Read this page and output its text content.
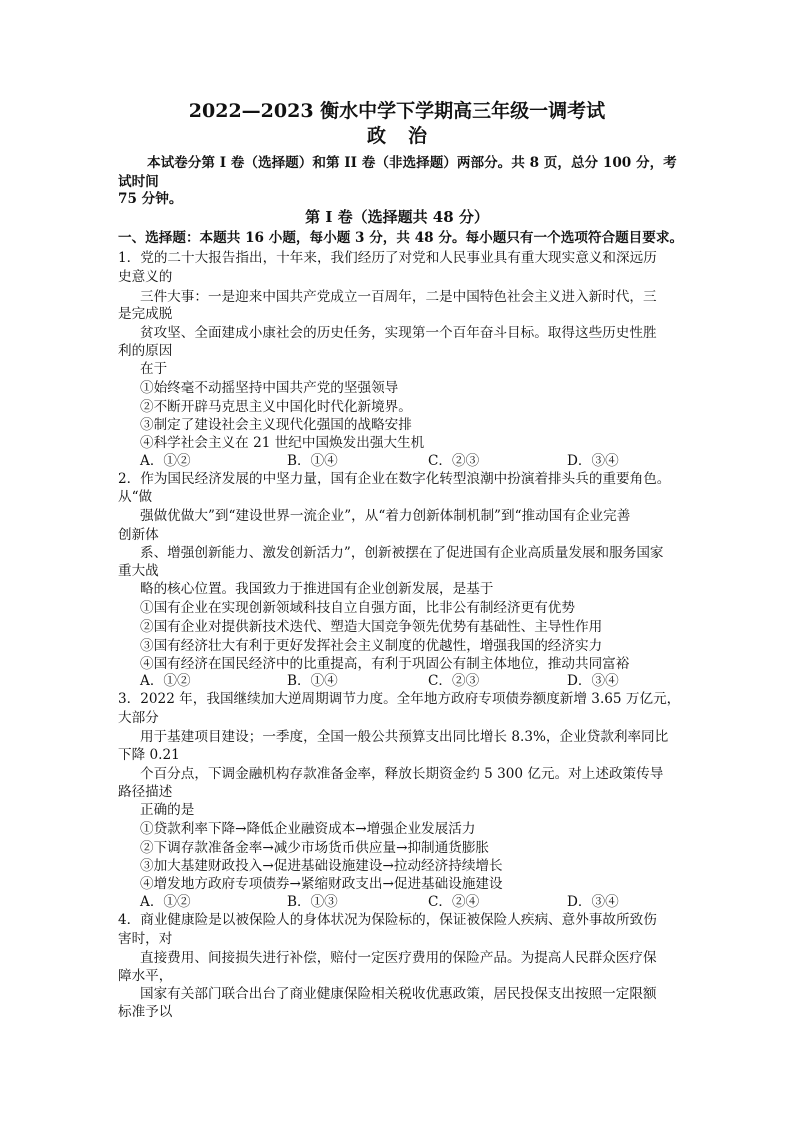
2022—2023 衡水中学下学期高三年级一调考试
政治
本试卷分第 I 卷（选择题）和第 II 卷（非选择题）两部分。共 8 页，总分 100 分，考
试时间
75 分钟。
第 I 卷（选择题共 48 分）
一、选择题：本题共 16 小题，每小题 3 分，共 48 分。每小题只有一个选项符合题目要求。
1．党的二十大报告指出，十年来，我们经历了对党和人民事业具有重大现实意义和深远历
史意义的
三件大事：一是迎来中国共产党成立一百周年，二是中国特色社会主义进入新时代，三
是完成脱
贫攻坚、全面建成小康社会的历史任务，实现第一个百年奋斗目标。取得这些历史性胜
利的原因
在于
①始终毫不动摇坚持中国共产党的坚强领导
②不断开辟马克思主义中国化时代化新境界。
③制定了建设社会主义现代化强国的战略安排
④科学社会主义在 21 世纪中国焕发出强大生机
A．①②	B．①④	C．②③	D．③④
2．作为国民经济发展的中坚力量，国有企业在数字化转型浪潮中扮演着排头兵的重要角色。
从“做
强做优做大”到“建设世界一流企业”，从“着力创新体制机制”到“推动国有企业完善
创新体
系、增强创新能力、激发创新活力”，创新被摆在了促进国有企业高质量发展和服务国家
重大战
略的核心位置。我国致力于推进国有企业创新发展，是基于
①国有企业在实现创新领域科技自立自强方面，比非公有制经济更有优势
②国有企业对提供新技术迭代、塑造大国竞争领先优势有基础性、主导性作用
③国有经济壮大有利于更好发挥社会主义制度的优越性，增强我国的经济实力
④国有经济在国民经济中的比重提高，有利于巩固公有制主体地位，推动共同富裕
A．①②	B．①④	C．②③	D．③④
3．2022 年，我国继续加大逆周期调节力度。全年地方政府专项债券额度新增 3.65 万亿元，
大部分
用于基建项目建设；一季度，全国一般公共预算支出同比增长 8.3%，企业贷款利率同比
下降 0.21
个百分点，下调金融机构存款准备金率，释放长期资金约 5 300 亿元。对上述政策传导
路径描述
正确的是
①贷款利率下降→降低企业融资成本→增强企业发展活力
②下调存款准备金率→减少市场货币供应量→抑制通货膨胀
③加大基建财政投入→促进基础设施建设→拉动经济持续增长
④增发地方政府专项债券→紧缩财政支出→促进基础设施建设
A．①②	B．①③	C．②④	D．③④
4．商业健康险是以被保险人的身体状况为保险标的，保证被保险人疾病、意外事故所致伤
害时，对
直接费用、间接损失进行补偿，赔付一定医疗费用的保险产品。为提高人民群众医疗保
障水平，
国家有关部门联合出台了商业健康保险相关税收优惠政策，居民投保支出按照一定限额
标准予以
